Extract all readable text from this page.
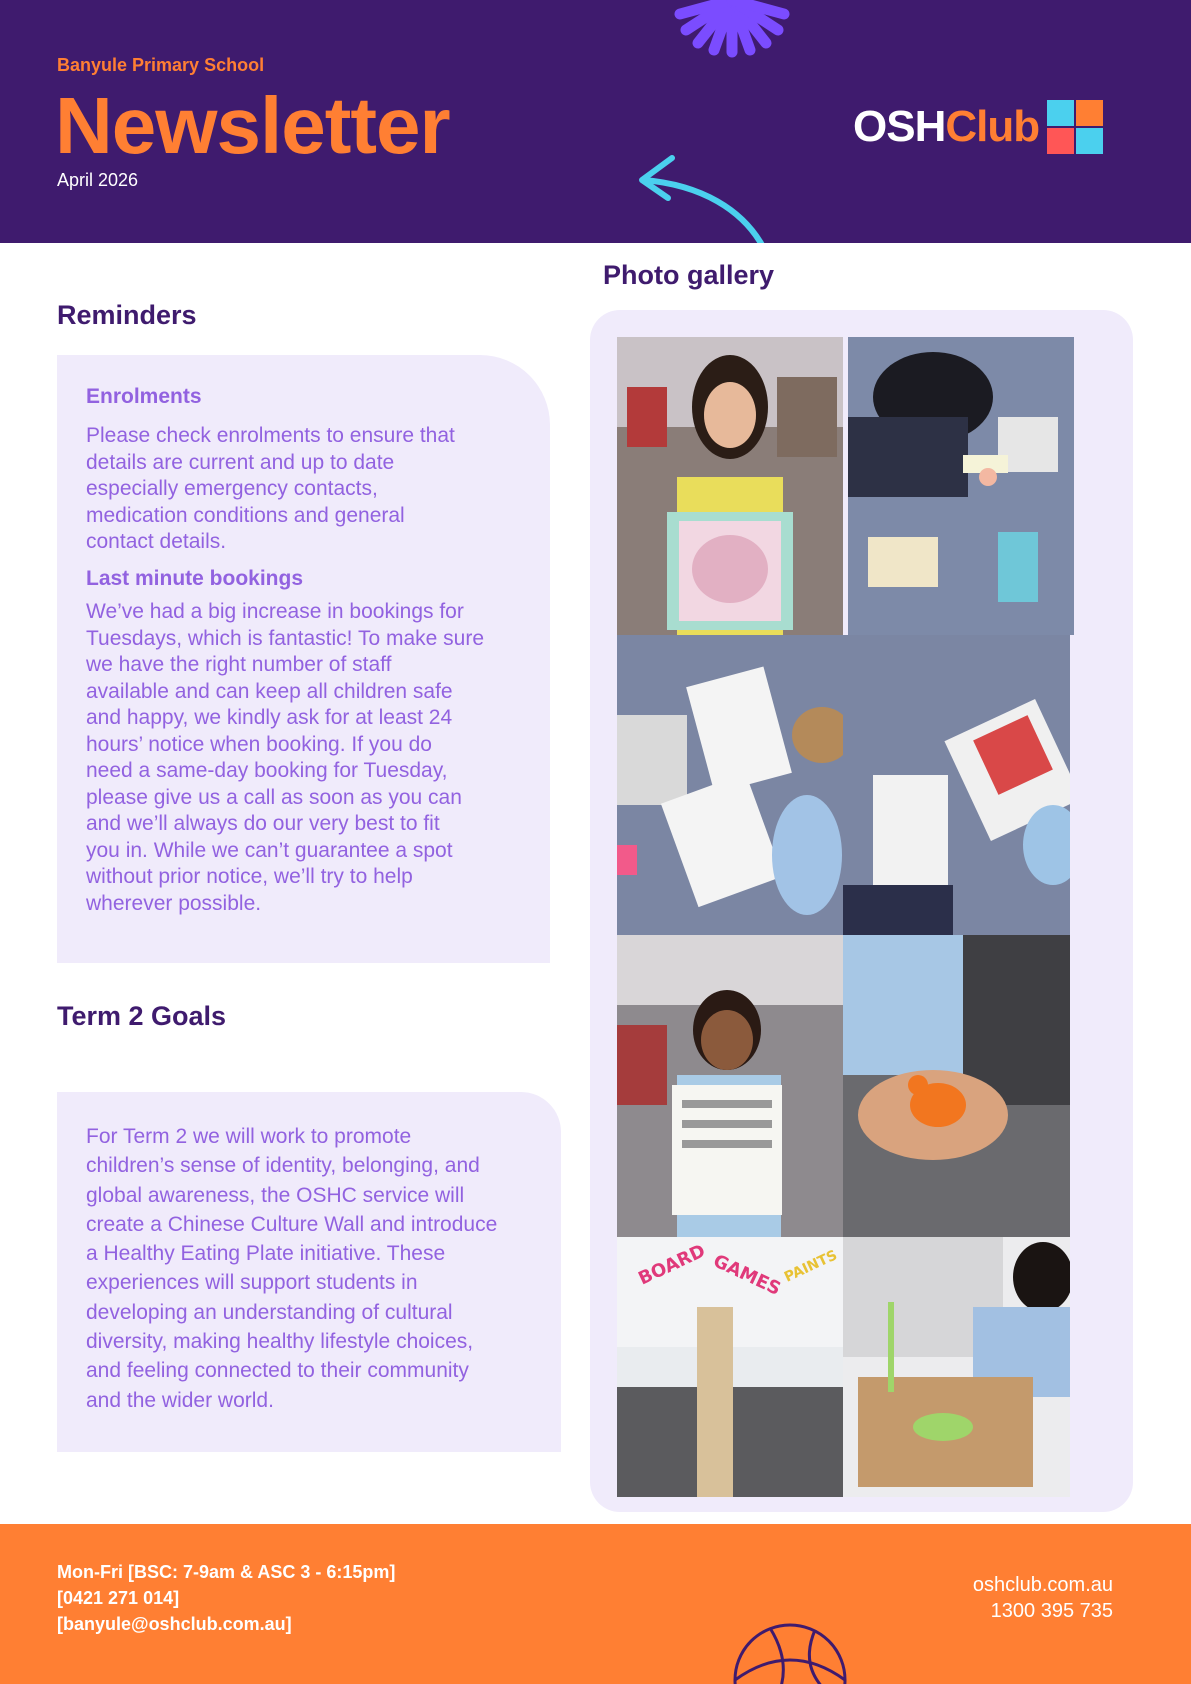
Banyule Primary School
Newsletter
April 2026
OSH Club
Reminders
Enrolments
Please check enrolments to ensure that
details are current and up to date
especially emergency contacts,
medication conditions and general
contact details.
Last minute bookings
We’ve had a big increase in bookings for
Tuesdays, which is fantastic! To make sure
we have the right number of staff
available and can keep all children safe
and happy, we kindly ask for at least 24
hours’ notice when booking. If you do
need a same-day booking for Tuesday,
please give us a call as soon as you can
and we’ll always do our very best to fit
you in. While we can’t guarantee a spot
without prior notice, we’ll try to help
wherever possible.
Term 2 Goals
For Term 2 we will work to promote
children’s sense of identity, belonging, and
global awareness, the OSHC service will
create a Chinese Culture Wall and introduce
a Healthy Eating Plate initiative. These
experiences will support students in
developing an understanding of cultural
diversity, making healthy lifestyle choices,
and feeling connected to their community
and the wider world.
Photo gallery
BOARD GAMES
PAINTS
Mon-Fri [BSC: 7-9am & ASC 3 - 6:15pm]
[0421 271 014]
[banyule@oshclub.com.au]
oshclub.com.au
1300 395 735
